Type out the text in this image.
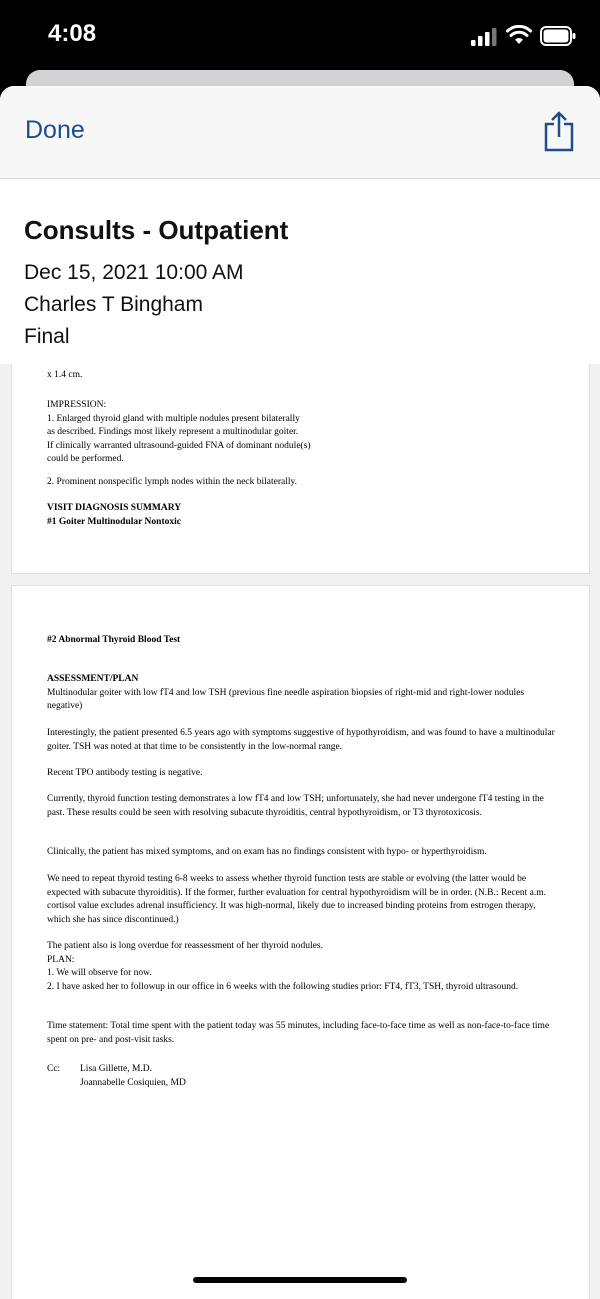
4:08
Done
Consults - Outpatient
Dec 15, 2021 10:00 AM
Charles T Bingham
Final

x 1.4 cm.

IMPRESSION:

1. Enlarged thyroid gland with multiple nodules present bilaterally

as described. Findings most likely represent a multinodular goiter.

If clinically warranted ultrasound-guided FNA of dominant nodule(s)

could be performed.

2. Prominent nonspecific lymph nodes within the neck bilaterally.

VISIT DIAGNOSIS SUMMARY

#1 Goiter Multinodular Nontoxic

#2 Abnormal Thyroid Blood Test

ASSESSMENT/PLAN

Multinodular goiter with low fT4 and low TSH (previous fine needle aspiration biopsies of right-mid and right-lower nodules negative)

Interestingly, the patient presented 6.5 years ago with symptoms suggestive of hypothyroidism, and was found to have a multinodular goiter. TSH was noted at that time to be consistently in the low-normal range.
Recent TPO antibody testing is negative.
Currently, thyroid function testing demonstrates a low fT4 and low TSH; unfortunately, she had never undergone fT4 testing in the past. These results could be seen with resolving subacute thyroiditis, central hypothyroidism, or T3 thyrotoxicosis.
Clinically, the patient has mixed symptoms, and on exam has no findings consistent with hypo- or hyperthyroidism.
We need to repeat thyroid testing 6-8 weeks to assess whether thyroid function tests are stable or evolving (the latter would be expected with subacute thyroiditis). If the former, further evaluation for central hypothyroidism will be in order. (N.B.: Recent a.m. cortisol value excludes adrenal insufficiency. It was high-normal, likely due to increased binding proteins from estrogen therapy, which she has since discontinued.)

The patient also is long overdue for reassessment of her thyroid nodules.

PLAN:

1. We will observe for now.

2. I have asked her to followup in our office in 6 weeks with the following studies prior: FT4, fT3, TSH, thyroid ultrasound.

Time statement: Total time spent with the patient today was 55 minutes, including face-to-face time as well as non-face-to-face time spent on pre- and post-visit tasks.

Cc: Lisa Gillette, M.D.

Joannabelle Cosiquien, MD
